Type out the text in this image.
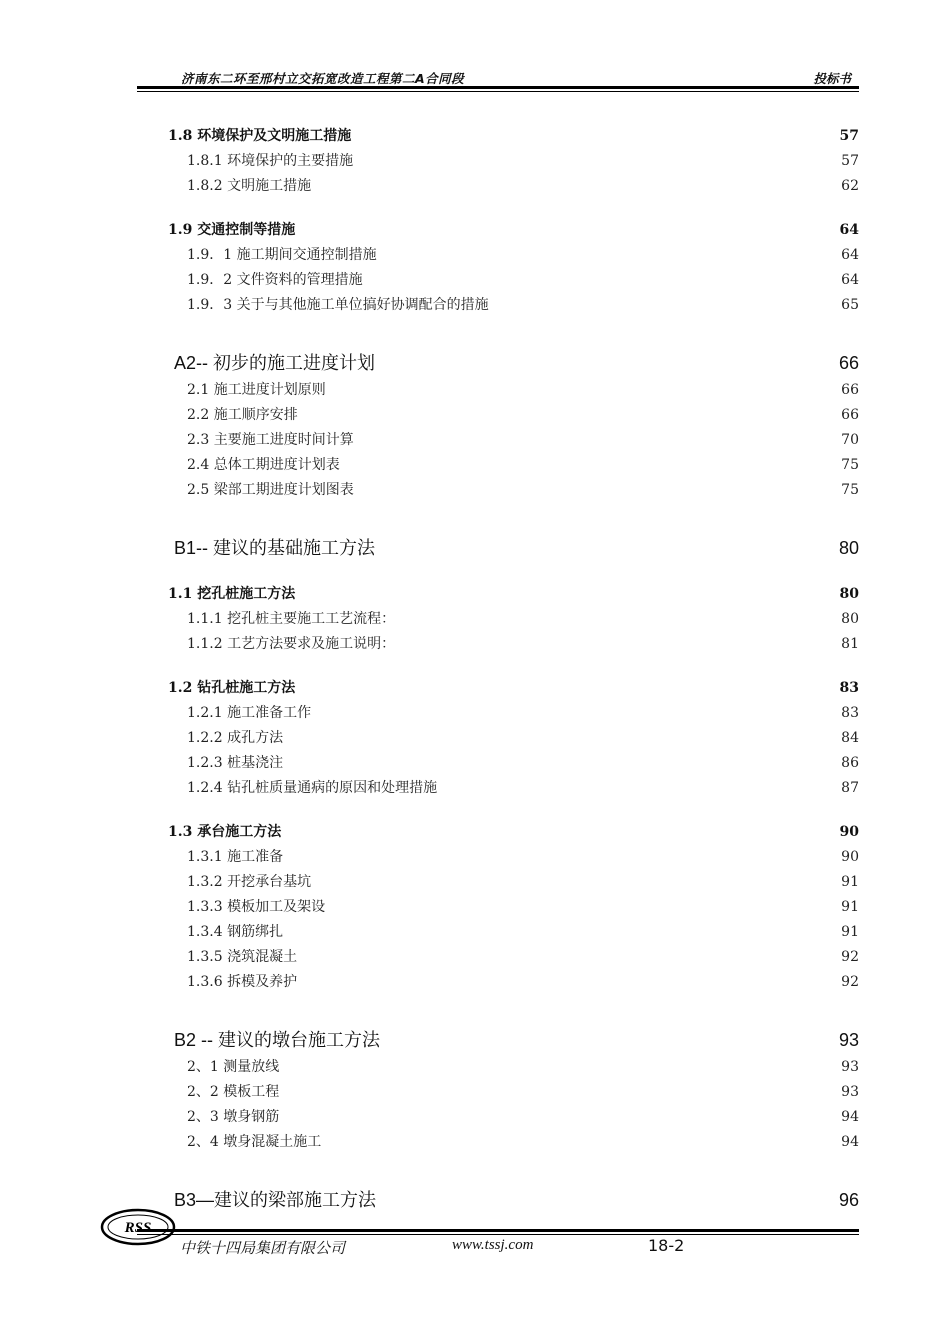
济南东二环至邢村立交拓宽改造工程第二A合同段	投标书
1.8 环境保护及文明施工措施	57
1.8.1 环境保护的主要措施	57
1.8.2 文明施工措施	62
1.9 交通控制等措施	64
1.9．1 施工期间交通控制措施	64
1.9．2 文件资料的管理措施	64
1.9．3 关于与其他施工单位搞好协调配合的措施	65
A2-- 初步的施工进度计划	66
2.1 施工进度计划原则	66
2.2 施工顺序安排	66
2.3 主要施工进度时间计算	70
2.4 总体工期进度计划表	75
2.5 梁部工期进度计划图表	75
B1-- 建议的基础施工方法	80
1.1 挖孔桩施工方法	80
1.1.1 挖孔桩主要施工工艺流程：	80
1.1.2 工艺方法要求及施工说明：	81
1.2 钻孔桩施工方法	83
1.2.1 施工准备工作	83
1.2.2 成孔方法	84
1.2.3 桩基浇注	86
1.2.4 钻孔桩质量通病的原因和处理措施	87
1.3 承台施工方法	90
1.3.1 施工准备	90
1.3.2 开挖承台基坑	91
1.3.3 模板加工及架设	91
1.3.4 钢筋绑扎	91
1.3.5 浇筑混凝土	92
1.3.6 拆模及养护	92
B2 -- 建议的墩台施工方法	93
2、1 测量放线	93
2、2 模板工程	93
2、3 墩身钢筋	94
2、4 墩身混凝土施工	94
B3—建议的梁部施工方法	96
RSS
中铁十四局集团有限公司	www.tssj.com	18-2
